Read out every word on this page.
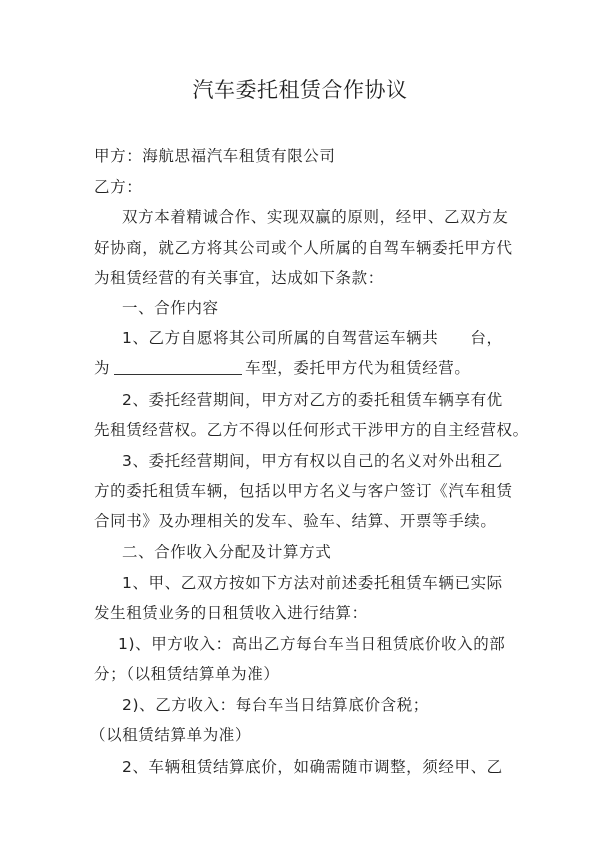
汽车委托租赁合作协议
甲方：海航思福汽车租赁有限公司
乙方：
双方本着精诚合作、实现双赢的原则，经甲、乙双方友
好协商，就乙方将其公司或个人所属的自驾车辆委托甲方代
为租赁经营的有关事宜，达成如下条款：
一、合作内容
1、乙方自愿将其公司所属的自驾营运车辆共 台，
为	车型，委托甲方代为租赁经营。
2、委托经营期间，甲方对乙方的委托租赁车辆享有优
先租赁经营权。乙方不得以任何形式干涉甲方的自主经营权。
3、委托经营期间，甲方有权以自己的名义对外出租乙
方的委托租赁车辆，包括以甲方名义与客户签订《汽车租赁
合同书》及办理相关的发车、验车、结算、开票等手续。
二、合作收入分配及计算方式
1、甲、乙双方按如下方法对前述委托租赁车辆已实际
发生租赁业务的日租赁收入进行结算：
1)、甲方收入：高出乙方每台车当日租赁底价收入的部
分；（以租赁结算单为准）
2)、乙方收入：每台车当日结算底价含税；
（以租赁结算单为准）
2、车辆租赁结算底价，如确需随市调整，须经甲、乙
